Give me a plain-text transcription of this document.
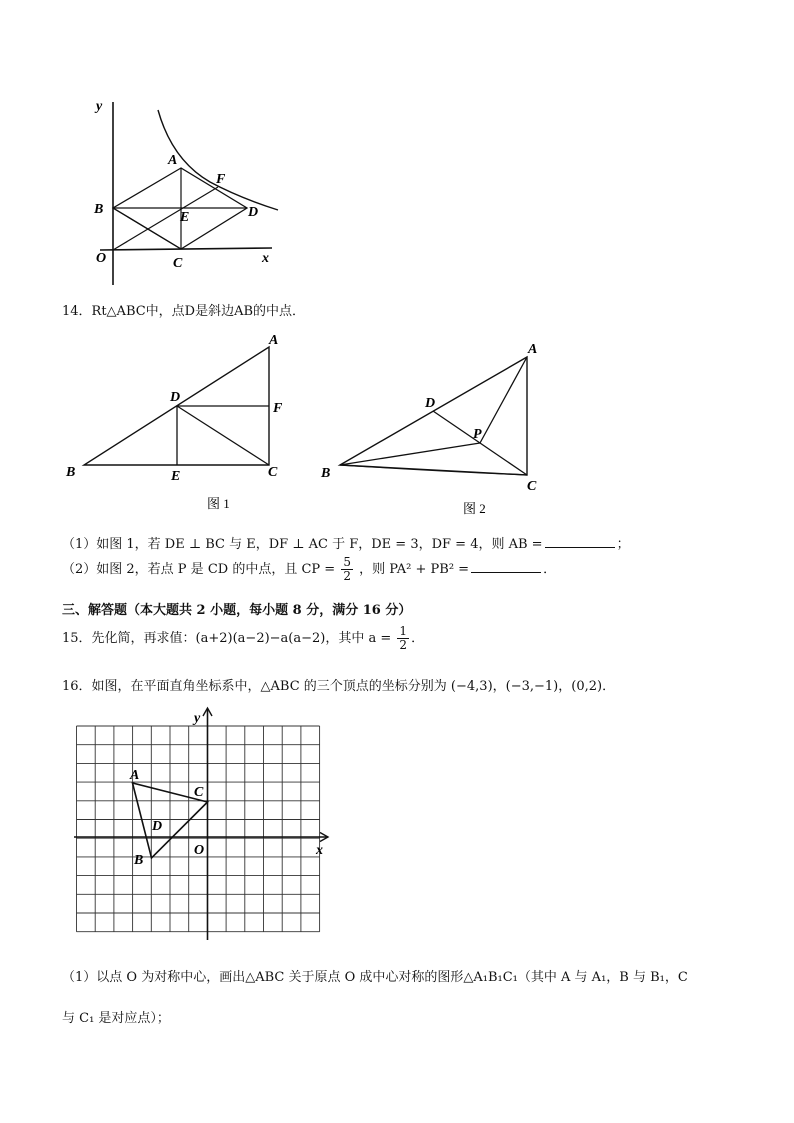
y
x
O
A
B
C
D
E
F
14．Rt△ABC中，点D是斜边AB的中点．
A
B	C
D
E
F
图 1
A
B
C
D
P
图 2
（1）如图 1，若 DE ⊥ BC 与 E，DF ⊥ AC 于 F，DE = 3，DF = 4，则 AB =	；
（2）如图 2，若点 P 是 CD 的中点，且 CP = $\frac{5}{2}$ ，则 PA² + PB² =	．
三、解答题（本大题共 2 小题，每小题 8 分，满分 16 分）
15．先化简，再求值：(a+2)(a−2)−a(a−2)，其中 $a = \frac{1}{2}$ ．
16．如图，在平面直角坐标系中，△ABC 的三个顶点的坐标分别为 (−4,3)，(−3,−1)，(0,2)．
y
x
O
A
B
C
D
（1）以点 O 为对称中心，画出△ABC 关于原点 O 成中心对称的图形△A₁B₁C₁（其中 A 与 A₁，B 与 B₁，C
与 C₁ 是对应点）；
